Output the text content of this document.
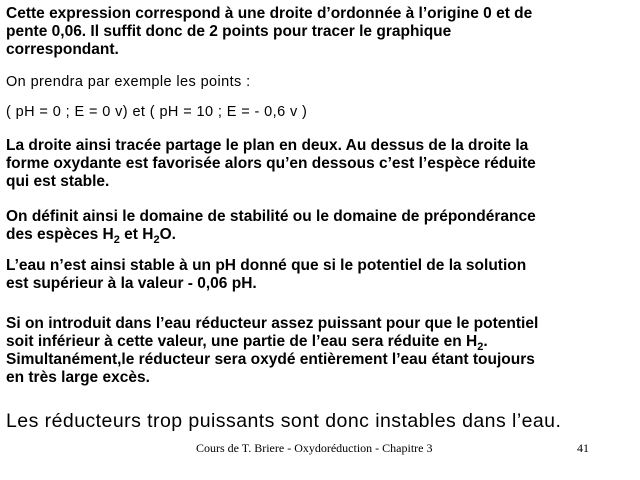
Cette expression correspond à une droite d’ordonnée à l’origine 0 et de
pente 0,06. Il suffit donc de 2 points pour tracer le graphique
correspondant.
On prendra par exemple les points :
( pH = 0 ; E = 0 v) et ( pH = 10 ; E = - 0,6 v )
La droite ainsi tracée partage le plan en deux. Au dessus de la droite la
forme oxydante est favorisée alors qu’en dessous c’est l’espèce réduite
qui est stable.
On définit ainsi le domaine de stabilité ou le domaine de prépondérance
des espèces $H_2$ et $H_2O$.
L’eau n’est ainsi stable à un pH donné que si le potentiel de la solution
est supérieur à la valeur - 0,06 pH.
Si on introduit dans l’eau réducteur assez puissant pour que le potentiel
soit inférieur à cette valeur, une partie de l’eau sera réduite en $H_2$.
Simultanément,le réducteur sera oxydé entièrement l’eau étant toujours
en très large excès.
Les réducteurs trop puissants sont donc instables dans l’eau.
Cours de T. Briere - Oxydoréduction - Chapitre 3	41
